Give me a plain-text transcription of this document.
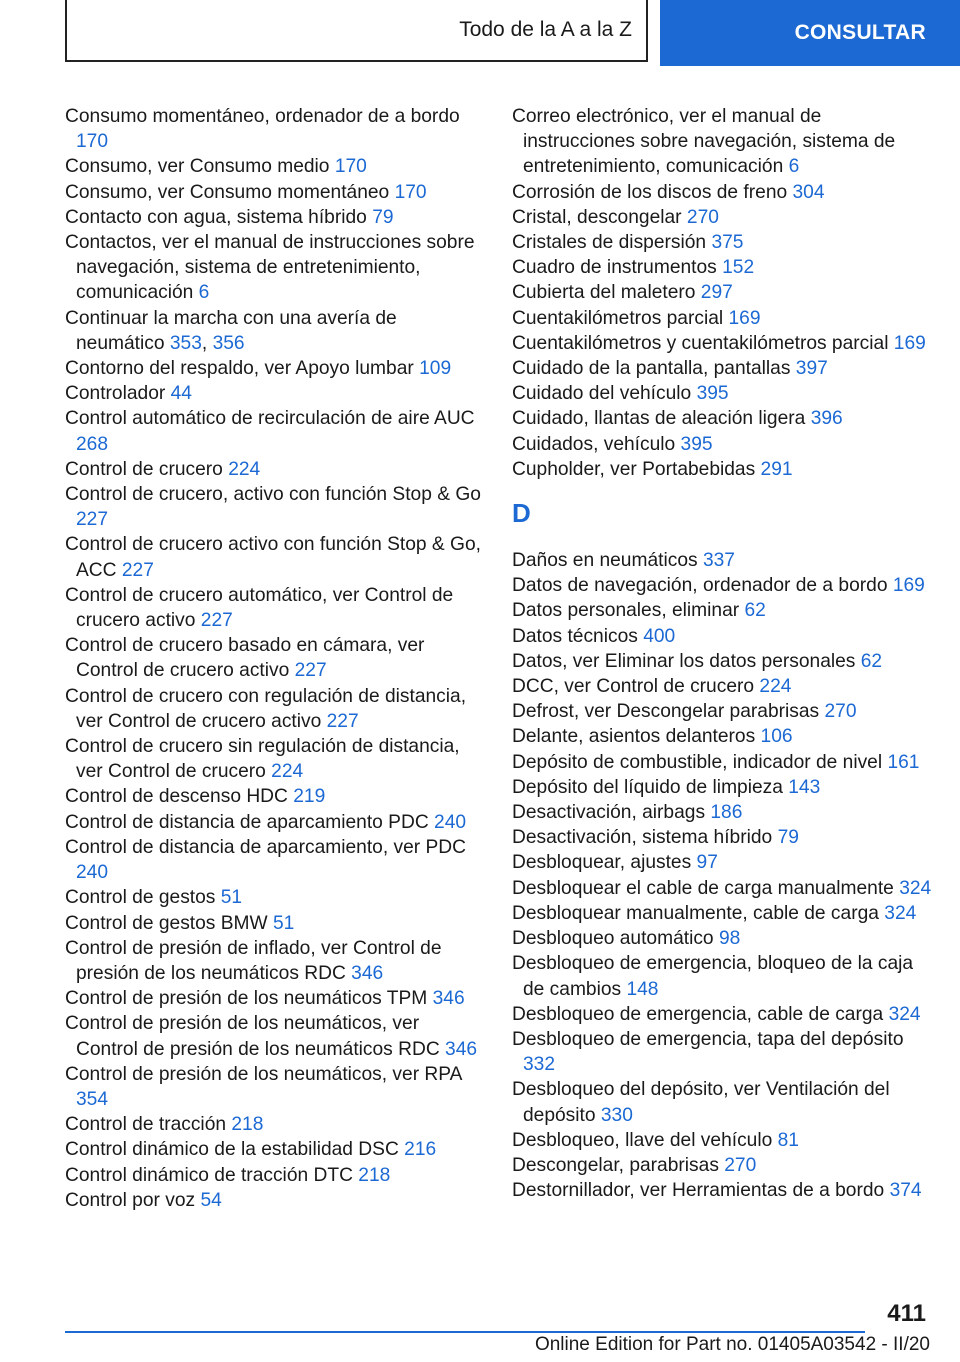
Todo de la A a la Z	CONSULTAR
Consumo momentáneo, ordenador de a bordo 170
Consumo, ver Consumo medio 170
Consumo, ver Consumo momentáneo 170
Contacto con agua, sistema híbrido 79
Contactos, ver el manual de instrucciones sobre navegación, sistema de entretenimiento, comunicación 6
Continuar la marcha con una avería de neumático 353, 356
Contorno del respaldo, ver Apoyo lumbar 109
Controlador 44
Control automático de recirculación de aire AUC 268
Control de crucero 224
Control de crucero, activo con función Stop & Go 227
Control de crucero activo con función Stop & Go, ACC 227
Control de crucero automático, ver Control de crucero activo 227
Control de crucero basado en cámara, ver Control de crucero activo 227
Control de crucero con regulación de distancia, ver Control de crucero activo 227
Control de crucero sin regulación de distancia, ver Control de crucero 224
Control de descenso HDC 219
Control de distancia de aparcamiento PDC 240
Control de distancia de aparcamiento, ver PDC 240
Control de gestos 51
Control de gestos BMW 51
Control de presión de inflado, ver Control de presión de los neumáticos RDC 346
Control de presión de los neumáticos TPM 346
Control de presión de los neumáticos, ver Control de presión de los neumáticos RDC 346
Control de presión de los neumáticos, ver RPA 354
Control de tracción 218
Control dinámico de la estabilidad DSC 216
Control dinámico de tracción DTC 218
Control por voz 54
Correo electrónico, ver el manual de instrucciones sobre navegación, sistema de entretenimiento, comunicación 6
Corrosión de los discos de freno 304
Cristal, descongelar 270
Cristales de dispersión 375
Cuadro de instrumentos 152
Cubierta del maletero 297
Cuentakilómetros parcial 169
Cuentakilómetros y cuentakilómetros parcial 169
Cuidado de la pantalla, pantallas 397
Cuidado del vehículo 395
Cuidado, llantas de aleación ligera 396
Cuidados, vehículo 395
Cupholder, ver Portabebidas 291
D
Daños en neumáticos 337
Datos de navegación, ordenador de a bordo 169
Datos personales, eliminar 62
Datos técnicos 400
Datos, ver Eliminar los datos personales 62
DCC, ver Control de crucero 224
Defrost, ver Descongelar parabrisas 270
Delante, asientos delanteros 106
Depósito de combustible, indicador de nivel 161
Depósito del líquido de limpieza 143
Desactivación, airbags 186
Desactivación, sistema híbrido 79
Desbloquear, ajustes 97
Desbloquear el cable de carga manualmente 324
Desbloquear manualmente, cable de carga 324
Desbloqueo automático 98
Desbloqueo de emergencia, bloqueo de la caja de cambios 148
Desbloqueo de emergencia, cable de carga 324
Desbloqueo de emergencia, tapa del depósito 332
Desbloqueo del depósito, ver Ventilación del depósito 330
Desbloqueo, llave del vehículo 81
Descongelar, parabrisas 270
Destornillador, ver Herramientas de a bordo 374
411
Online Edition for Part no. 01405A03542 - II/20
